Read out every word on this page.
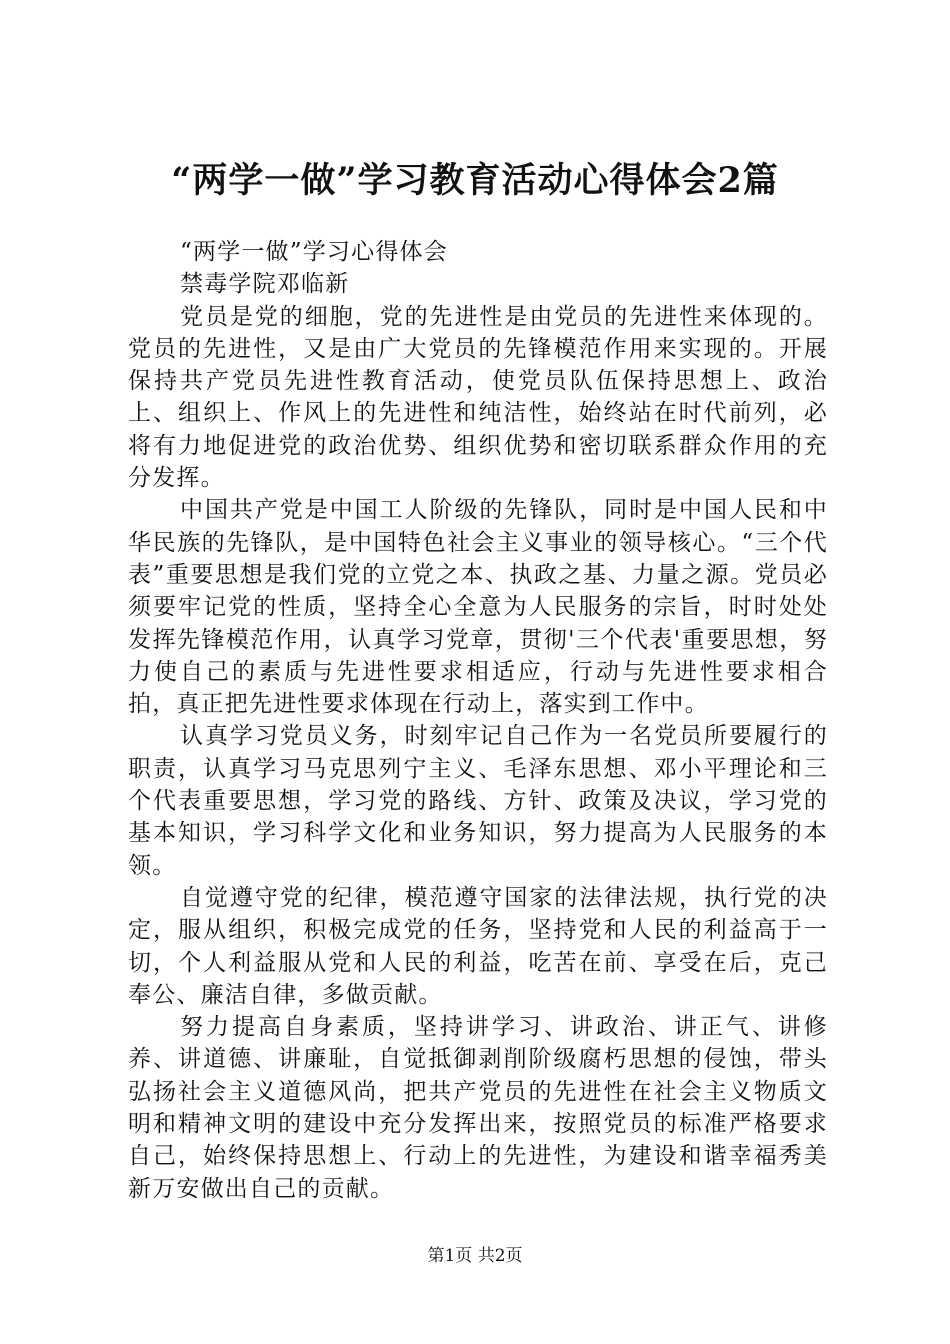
“两学一做”学习教育活动心得体会2篇
“两学一做”学习心得体会
禁毒学院邓临新

党员是党的细胞，党的先进性是由党员的先进性来体现的。党员的先进性，又是由广大党员的先锋模范作用来实现的。开展保持共产党员先进性教育活动，使党员队伍保持思想上、政治上、组织上、作风上的先进性和纯洁性，始终站在时代前列，必将有力地促进党的政治优势、组织优势和密切联系群众作用的充分发挥。

中国共产党是中国工人阶级的先锋队，同时是中国人民和中华民族的先锋队，是中国特色社会主义事业的领导核心。“三个代表”重要思想是我们党的立党之本、执政之基、力量之源。党员必须要牢记党的性质，坚持全心全意为人民服务的宗旨，时时处处发挥先锋模范作用，认真学习党章，贯彻'三个代表'重要思想，努力使自己的素质与先进性要求相适应，行动与先进性要求相合拍，真正把先进性要求体现在行动上，落实到工作中。

认真学习党员义务，时刻牢记自己作为一名党员所要履行的职责，认真学习马克思列宁主义、毛泽东思想、邓小平理论和三个代表重要思想，学习党的路线、方针、政策及决议，学习党的基本知识，学习科学文化和业务知识，努力提高为人民服务的本领。

自觉遵守党的纪律，模范遵守国家的法律法规，执行党的决定，服从组织，积极完成党的任务，坚持党和人民的利益高于一切，个人利益服从党和人民的利益，吃苦在前、享受在后，克己奉公、廉洁自律，多做贡献。

努力提高自身素质，坚持讲学习、讲政治、讲正气、讲修养、讲道德、讲廉耻，自觉抵御剥削阶级腐朽思想的侵蚀，带头弘扬社会主义道德风尚，把共产党员的先进性在社会主义物质文明和精神文明的建设中充分发挥出来，按照党员的标准严格要求自己，始终保持思想上、行动上的先进性，为建设和谐幸福秀美新万安做出自己的贡献。

第1页 共2页
